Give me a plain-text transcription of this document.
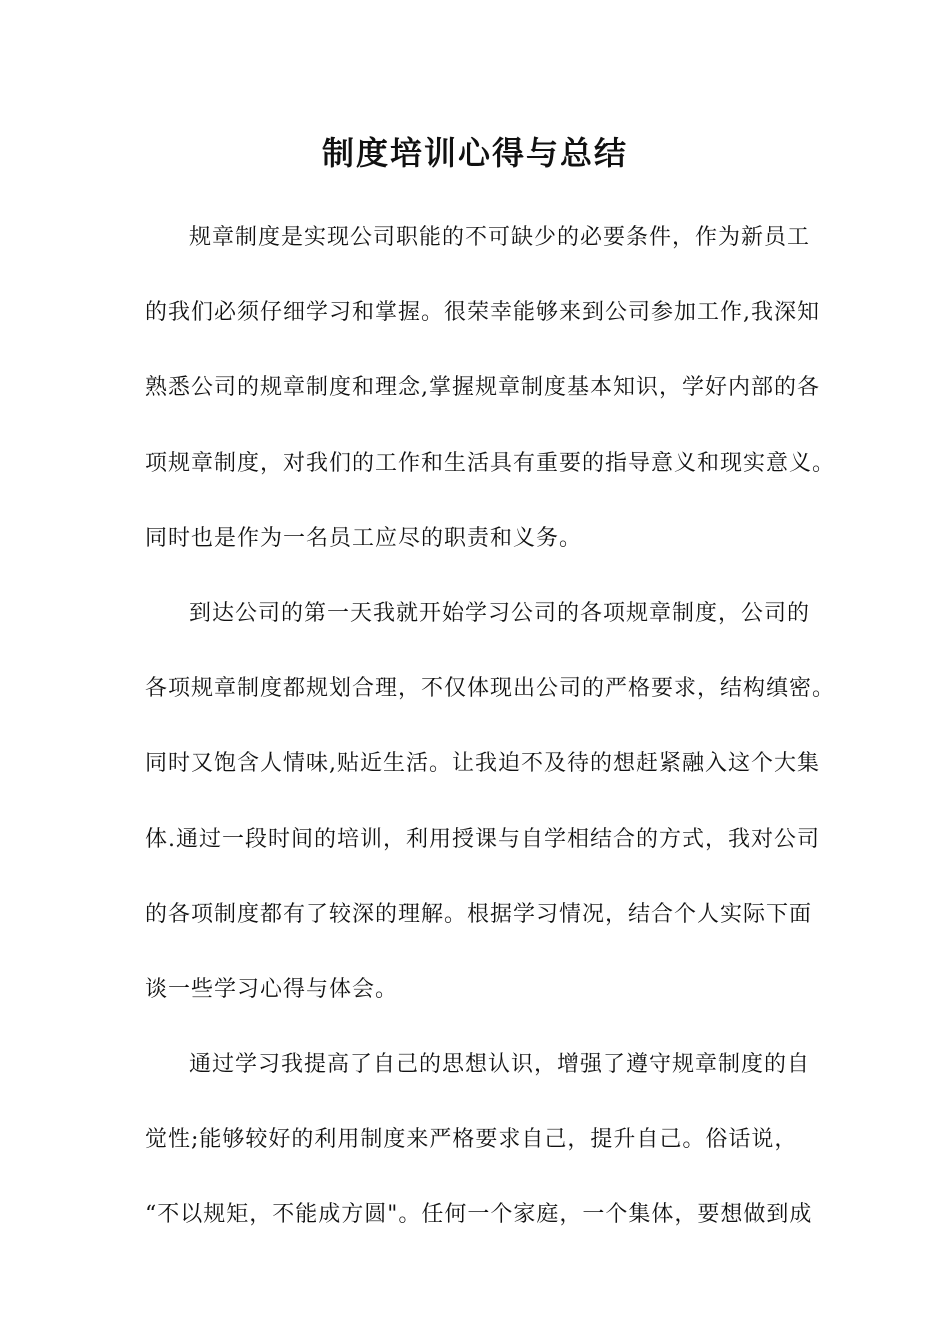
制度培训心得与总结
规章制度是实现公司职能的不可缺少的必要条件，作为新员工
的我们必须仔细学习和掌握。很荣幸能够来到公司参加工作,我深知
熟悉公司的规章制度和理念,掌握规章制度基本知识，学好内部的各
项规章制度，对我们的工作和生活具有重要的指导意义和现实意义。
同时也是作为一名员工应尽的职责和义务。
到达公司的第一天我就开始学习公司的各项规章制度，公司的
各项规章制度都规划合理，不仅体现出公司的严格要求，结构缜密。
同时又饱含人情味,贴近生活。让我迫不及待的想赶紧融入这个大集
体.通过一段时间的培训，利用授课与自学相结合的方式，我对公司
的各项制度都有了较深的理解。根据学习情况，结合个人实际下面
谈一些学习心得与体会。
通过学习我提高了自己的思想认识，增强了遵守规章制度的自
觉性;能够较好的利用制度来严格要求自己，提升自己。俗话说，
“不以规矩，不能成方圆"。任何一个家庭，一个集体，要想做到成
